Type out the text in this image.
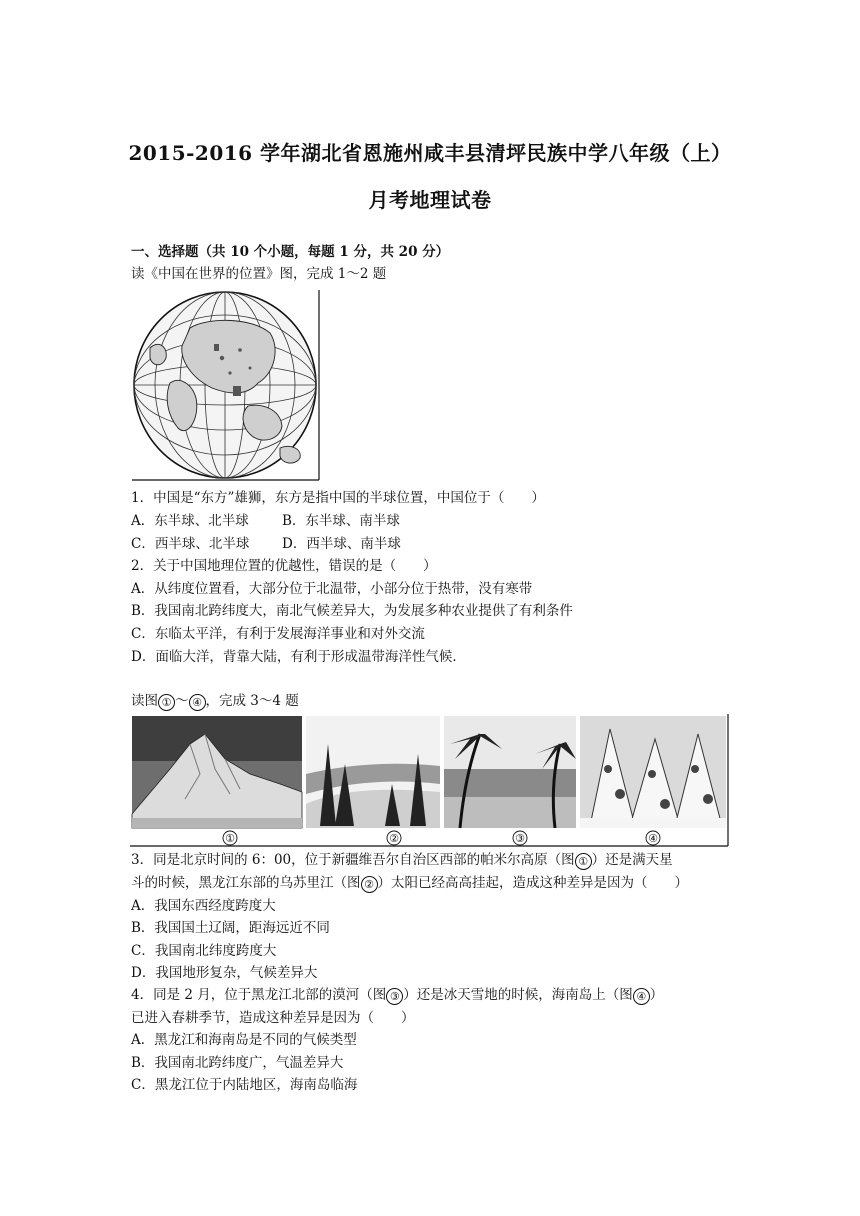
2015-2016 学年湖北省恩施州咸丰县清坪民族中学八年级（上）
月考地理试卷
一、选择题（共 10 个小题，每题 1 分，共 20 分）
读《中国在世界的位置》图，完成 1～2 题
1．中国是“东方”雄狮，东方是指中国的半球位置，中国位于（　　）
A．东半球、北半球 B．东半球、南半球
C．西半球、北半球 D．西半球、南半球
2．关于中国地理位置的优越性，错误的是（　　）
A．从纬度位置看，大部分位于北温带，小部分位于热带，没有寒带
B．我国南北跨纬度大，南北气候差异大，为发展多种农业提供了有利条件
C．东临太平洋，有利于发展海洋事业和对外交流
D．面临大洋，背靠大陆，有利于形成温带海洋性气候．
读图 ① ～ ④ ，完成 3～4 题
①	②	③	④
3．同是北京时间的 6：00，位于新疆维吾尔自治区西部的帕米尔高原（图 ① ）还是满天星
斗的时候，黑龙江东部的乌苏里江（图 ② ）太阳已经高高挂起，造成这种差异是因为（　　）
A．我国东西经度跨度大
B．我国国土辽阔，距海远近不同
C．我国南北纬度跨度大
D．我国地形复杂，气候差异大
4．同是 2 月，位于黑龙江北部的漠河（图 ③ ）还是冰天雪地的时候，海南岛上（图 ④ ）
已进入春耕季节，造成这种差异是因为（　　）
A．黑龙江和海南岛是不同的气候类型
B．我国南北跨纬度广，气温差异大
C．黑龙江位于内陆地区，海南岛临海
